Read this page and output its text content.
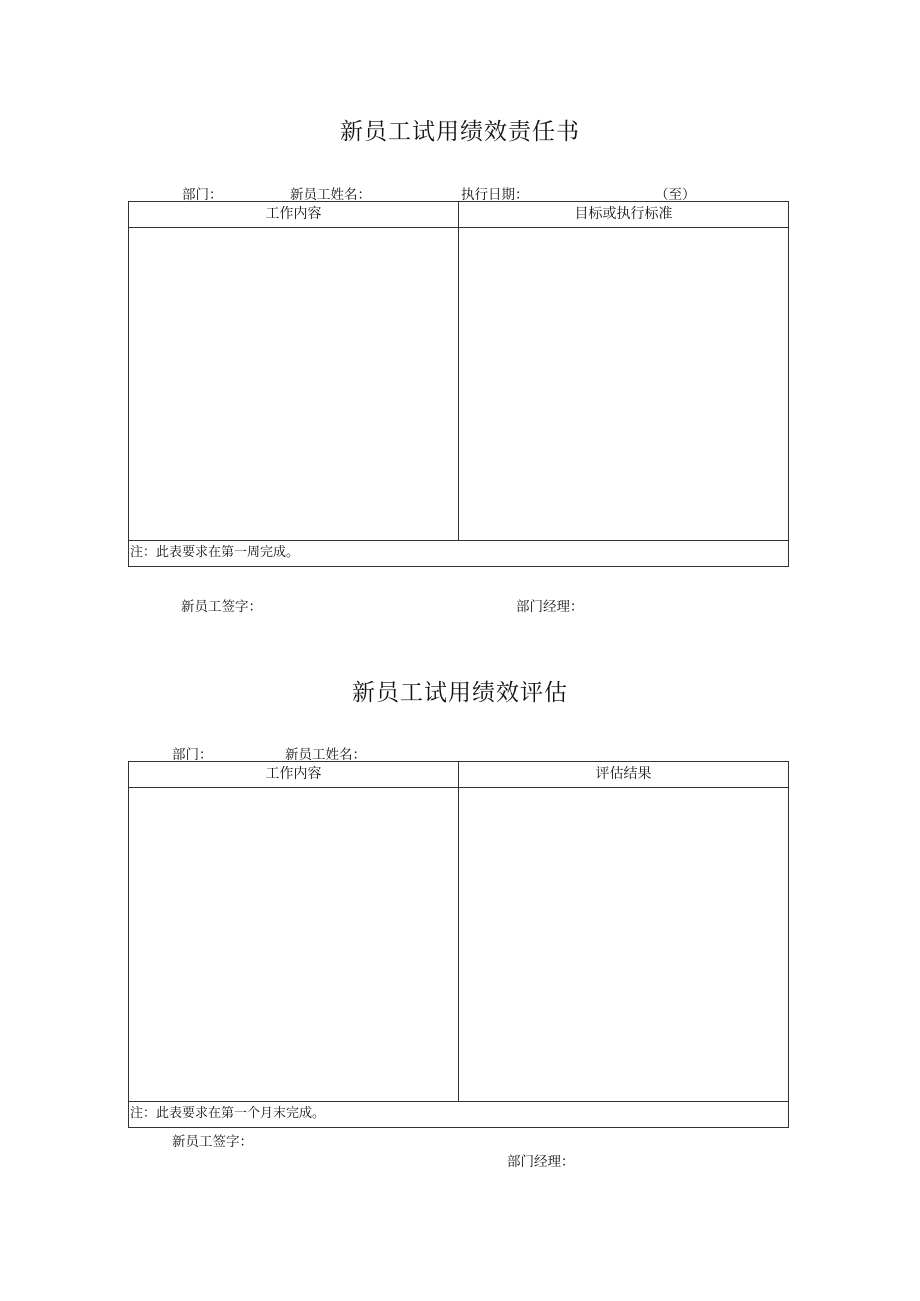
新员工试用绩效责任书
部门：	新员工姓名：	执行日期：	（至）
工作内容	目标或执行标准
注：此表要求在第一周完成。
新员工签字：	部门经理：
新员工试用绩效评估
部门：	新员工姓名：
工作内容	评估结果
注：此表要求在第一个月末完成。
新员工签字：
部门经理：
